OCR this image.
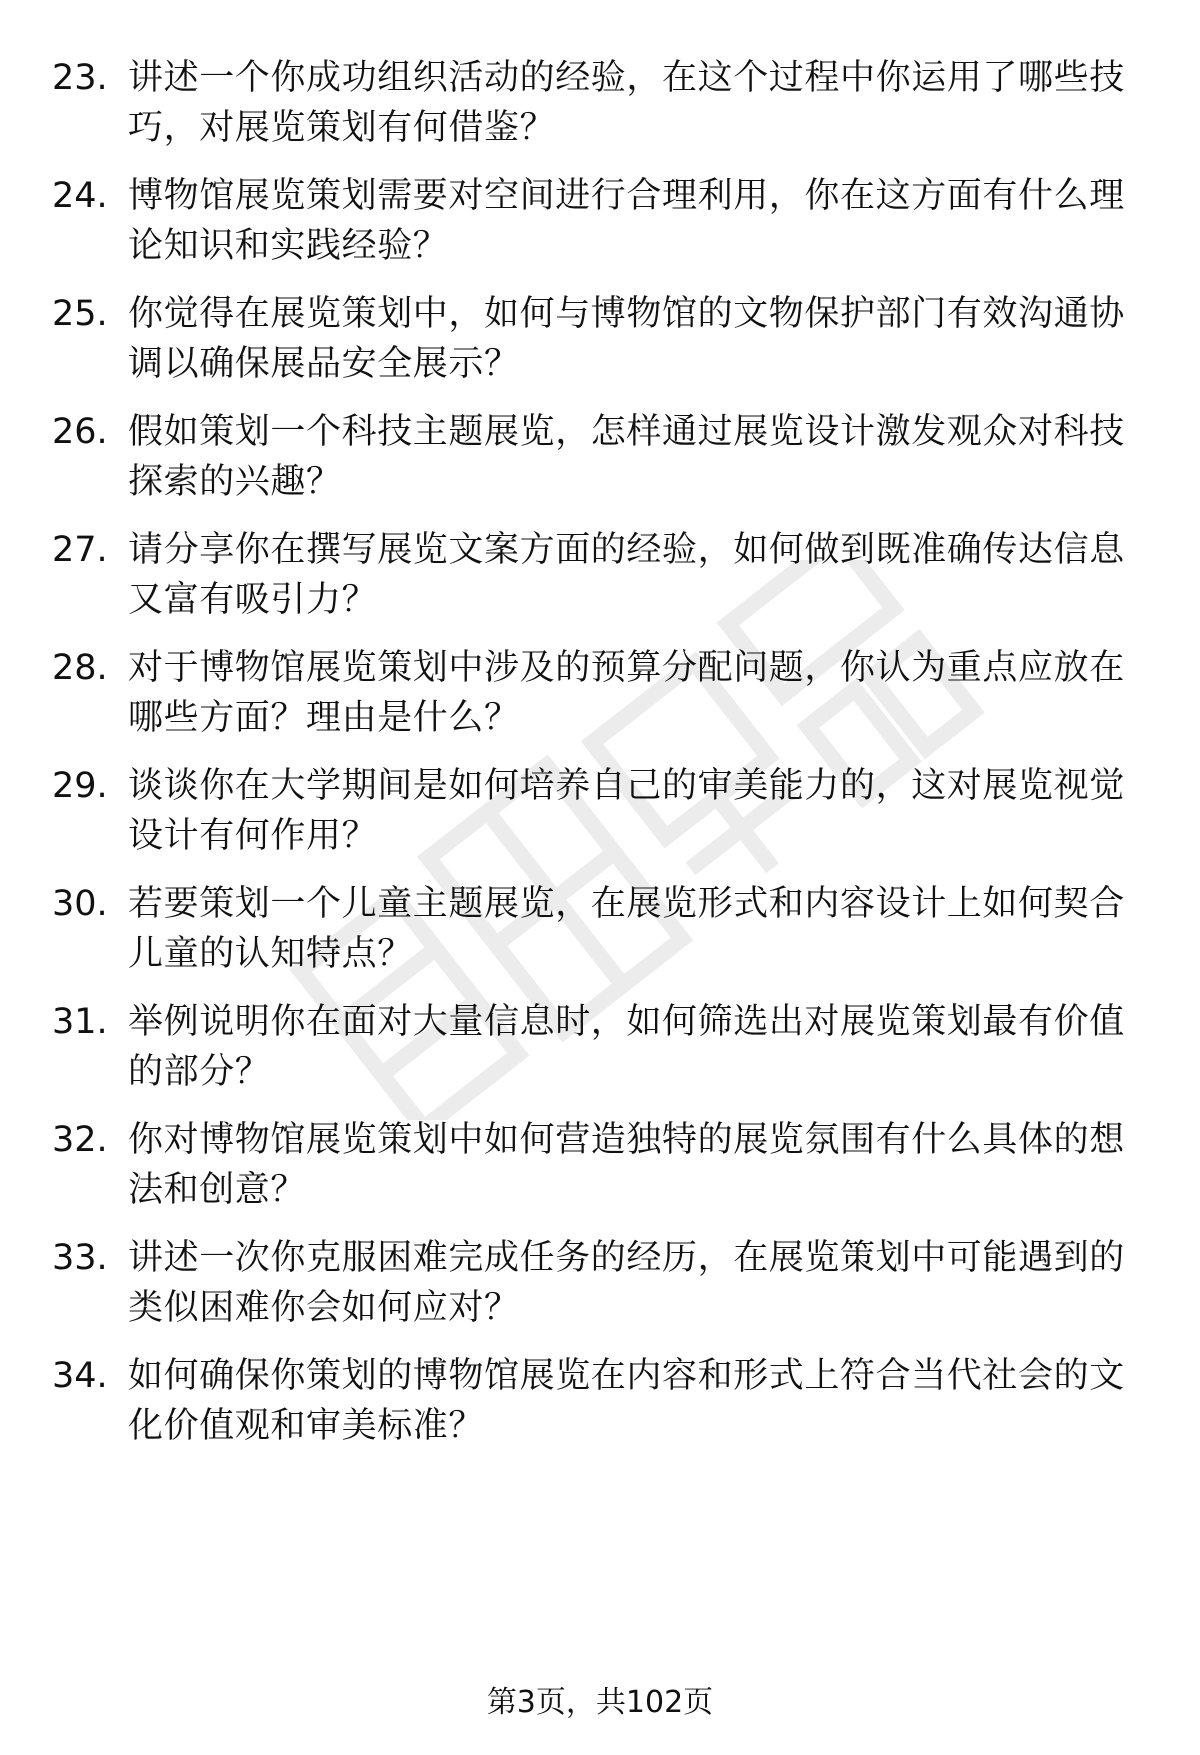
23. 讲述一个你成功组织活动的经验，在这个过程中你运用了哪些技巧，对展览策划有何借鉴？
24. 博物馆展览策划需要对空间进行合理利用，你在这方面有什么理论知识和实践经验？
25. 你觉得在展览策划中，如何与博物馆的文物保护部门有效沟通协调以确保展品安全展示？
26. 假如策划一个科技主题展览，怎样通过展览设计激发观众对科技探索的兴趣？
27. 请分享你在撰写展览文案方面的经验，如何做到既准确传达信息又富有吸引力？
28. 对于博物馆展览策划中涉及的预算分配问题，你认为重点应放在哪些方面？理由是什么？
29. 谈谈你在大学期间是如何培养自己的审美能力的，这对展览视觉设计有何作用？
30. 若要策划一个儿童主题展览，在展览形式和内容设计上如何契合儿童的认知特点？
31. 举例说明你在面对大量信息时，如何筛选出对展览策划最有价值的部分？
32. 你对博物馆展览策划中如何营造独特的展览氛围有什么具体的想法和创意？
33. 讲述一次你克服困难完成任务的经历，在展览策划中可能遇到的类似困难你会如何应对？
34. 如何确保你策划的博物馆展览在内容和形式上符合当代社会的文化价值观和审美标准？
第3页，共102页
